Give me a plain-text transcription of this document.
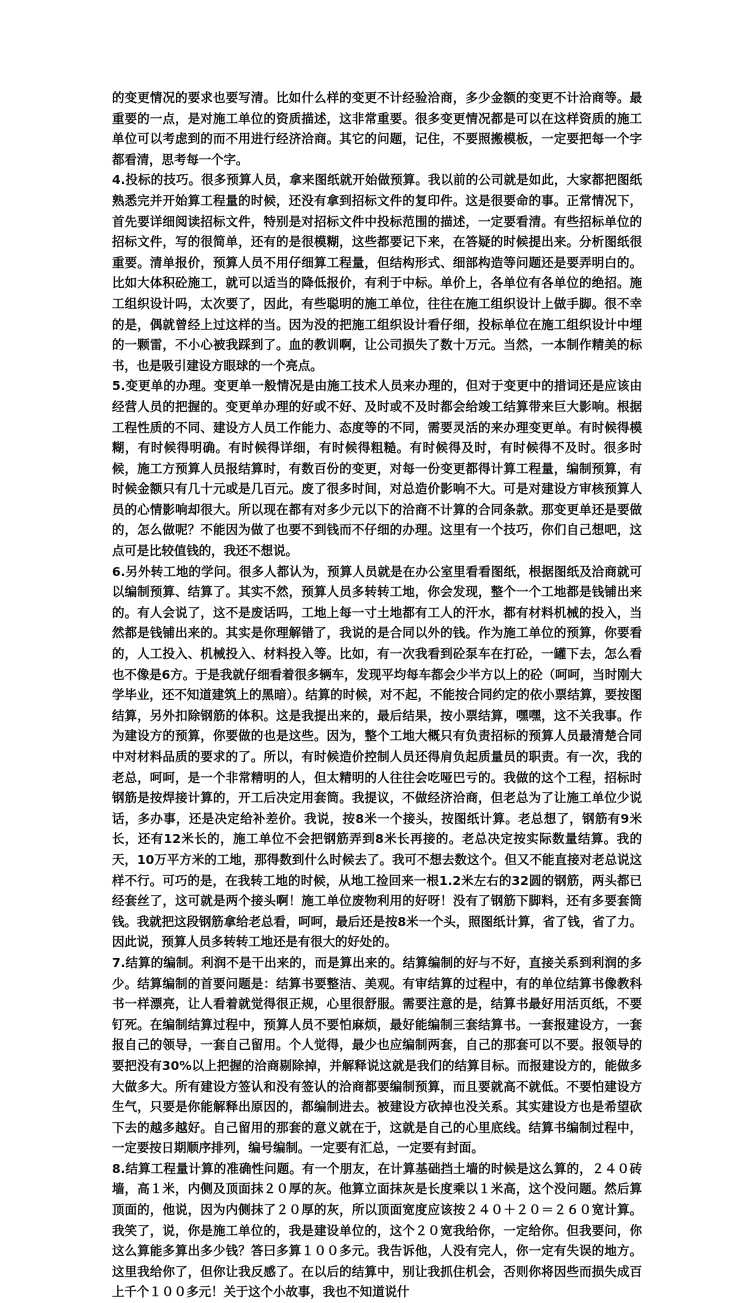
的变更情况的要求也要写清。比如什么样的变更不计经验洽商，多少金额的变更不计洽商等。最重要的一点，是对施工单位的资质描述，这非常重要。很多变更情况都是可以在这样资质的施工单位可以考虑到的而不用进行经济洽商。其它的问题，记住，不要照搬模板，一定要把每一个字都看清，思考每一个字。

4.投标的技巧。很多预算人员，拿来图纸就开始做预算。我以前的公司就是如此，大家都把图纸熟悉完并开始算工程量的时候，还没有拿到招标文件的复印件。这是很要命的事。正常情况下，首先要详细阅读招标文件，特别是对招标文件中投标范围的描述，一定要看清。有些招标单位的招标文件，写的很简单，还有的是很模糊，这些都要记下来，在答疑的时候提出来。分析图纸很重要。清单报价，预算人员不用仔细算工程量，但结构形式、细部构造等问题还是要弄明白的。比如大体积砼施工，就可以适当的降低报价，有利于中标。单价上，各单位有各单位的绝招。施工组织设计吗，太次要了，因此，有些聪明的施工单位，往往在施工组织设计上做手脚。很不幸的是，偶就曾经上过这样的当。因为没的把施工组织设计看仔细，投标单位在施工组织设计中埋的一颗雷，不小心被我踩到了。血的教训啊，让公司损失了数十万元。当然，一本制作精美的标书，也是吸引建设方眼球的一个亮点。

5.变更单的办理。变更单一般情况是由施工技术人员来办理的，但对于变更中的措词还是应该由经营人员的把握的。变更单办理的好或不好、及时或不及时都会给竣工结算带来巨大影响。根据工程性质的不同、建设方人员工作能力、态度等的不同，需要灵活的来办理变更单。有时候得模糊，有时候得明确。有时候得详细，有时候得粗糙。有时候得及时，有时候得不及时。很多时候，施工方预算人员报结算时，有数百份的变更，对每一份变更都得计算工程量，编制预算，有时候金额只有几十元或是几百元。废了很多时间，对总造价影响不大。可是对建设方审核预算人员的心情影响却很大。所以现在都有对多少元以下的洽商不计算的合同条款。那变更单还是要做的，怎么做呢？不能因为做了也要不到钱而不仔细的办理。这里有一个技巧，你们自己想吧，这点可是比较值钱的，我还不想说。

6.另外转工地的学问。很多人都认为，预算人员就是在办公室里看看图纸，根据图纸及洽商就可以编制预算、结算了。其实不然，预算人员多转转工地，你会发现，整个一个工地都是钱铺出来的。有人会说了，这不是废话吗，工地上每一寸土地都有工人的汗水，都有材料机械的投入，当然都是钱铺出来的。其实是你理解错了，我说的是合同以外的钱。作为施工单位的预算，你要看的，人工投入、机械投入、材料投入等。比如，有一次我看到砼泵车在打砼，一罐下去，怎么看也不像是6方。于是我就仔细看着很多辆车，发现平均每车都会少半方以上的砼（呵呵，当时刚大学毕业，还不知道建筑上的黑暗）。结算的时候，对不起，不能按合同约定的依小票结算，要按图结算，另外扣除钢筋的体积。这是我提出来的，最后结果，按小票结算，嘿嘿，这不关我事。作为建设方的预算，你要做的也是这些。因为，整个工地大概只有负责招标的预算人员最清楚合同中对材料品质的要求的了。所以，有时候造价控制人员还得肩负起质量员的职责。有一次，我的老总，呵呵，是一个非常精明的人，但太精明的人往往会吃哑巴亏的。我做的这个工程，招标时钢筋是按焊接计算的，开工后决定用套筒。我提议，不做经济洽商，但老总为了让施工单位少说话，多办事，还是决定给补差价。我说，按8米一个接头，按图纸计算。老总想了，钢筋有9米长，还有12米长的，施工单位不会把钢筋弄到8米长再接的。老总决定按实际数量结算。我的天，10万平方米的工地，那得数到什么时候去了。我可不想去数这个。但又不能直接对老总说这样不行。可巧的是，在我转工地的时候，从地工捡回来一根1.2米左右的32圆的钢筋，两头都已经套丝了，这可就是两个接头啊！施工单位废物利用的好呀！没有了钢筋下脚料，还有多要套筒钱。我就把这段钢筋拿给老总看，呵呵，最后还是按8米一个头，照图纸计算，省了钱，省了力。因此说，预算人员多转转工地还是有很大的好处的。

7.结算的编制。利润不是干出来的，而是算出来的。结算编制的好与不好，直接关系到利润的多少。结算编制的首要问题是：结算书要整洁、美观。有审结算的过程中，有的单位结算书像教科书一样漂亮，让人看着就觉得很正规，心里很舒服。需要注意的是，结算书最好用活页纸，不要钉死。在编制结算过程中，预算人员不要怕麻烦，最好能编制三套结算书。一套报建设方，一套报自己的领导，一套自己留用。个人觉得，最少也应编制两套，自己的那套可以不要。报领导的要把没有30%以上把握的洽商剔除掉，并解释说这就是我们的结算目标。而报建设方的，能做多大做多大。所有建设方签认和没有签认的洽商都要编制预算，而且要就高不就低。不要怕建设方生气，只要是你能解释出原因的，都编制进去。被建设方砍掉也没关系。其实建设方也是希望砍下去的越多越好。自己留用的那套的意义就在于，这就是自己的心里底线。结算书编制过程中，一定要按日期顺序排列，编号编制。一定要有汇总，一定要有封面。

8.结算工程量计算的准确性问题。有一个朋友，在计算基础挡土墙的时候是这么算的，２４０砖墙，高１米，内侧及顶面抹２０厚的灰。他算立面抹灰是长度乘以１米高，这个没问题。然后算顶面的，他说，因为内侧抹了２０厚的灰，所以顶面宽度应该按２４０＋２０＝２６０宽计算。我笑了，说，你是施工单位的，我是建设单位的，这个２０宽我给你，一定给你。但我要问，你这么算能多算出多少钱？答曰多算１００多元。我告诉他，人没有完人，你一定有失误的地方。这里我给你了，但你让我反感了。在以后的结算中，别让我抓住机会，否则你将因些而损失成百上千个１００多元！关于这个小故事，我也不知道说什
